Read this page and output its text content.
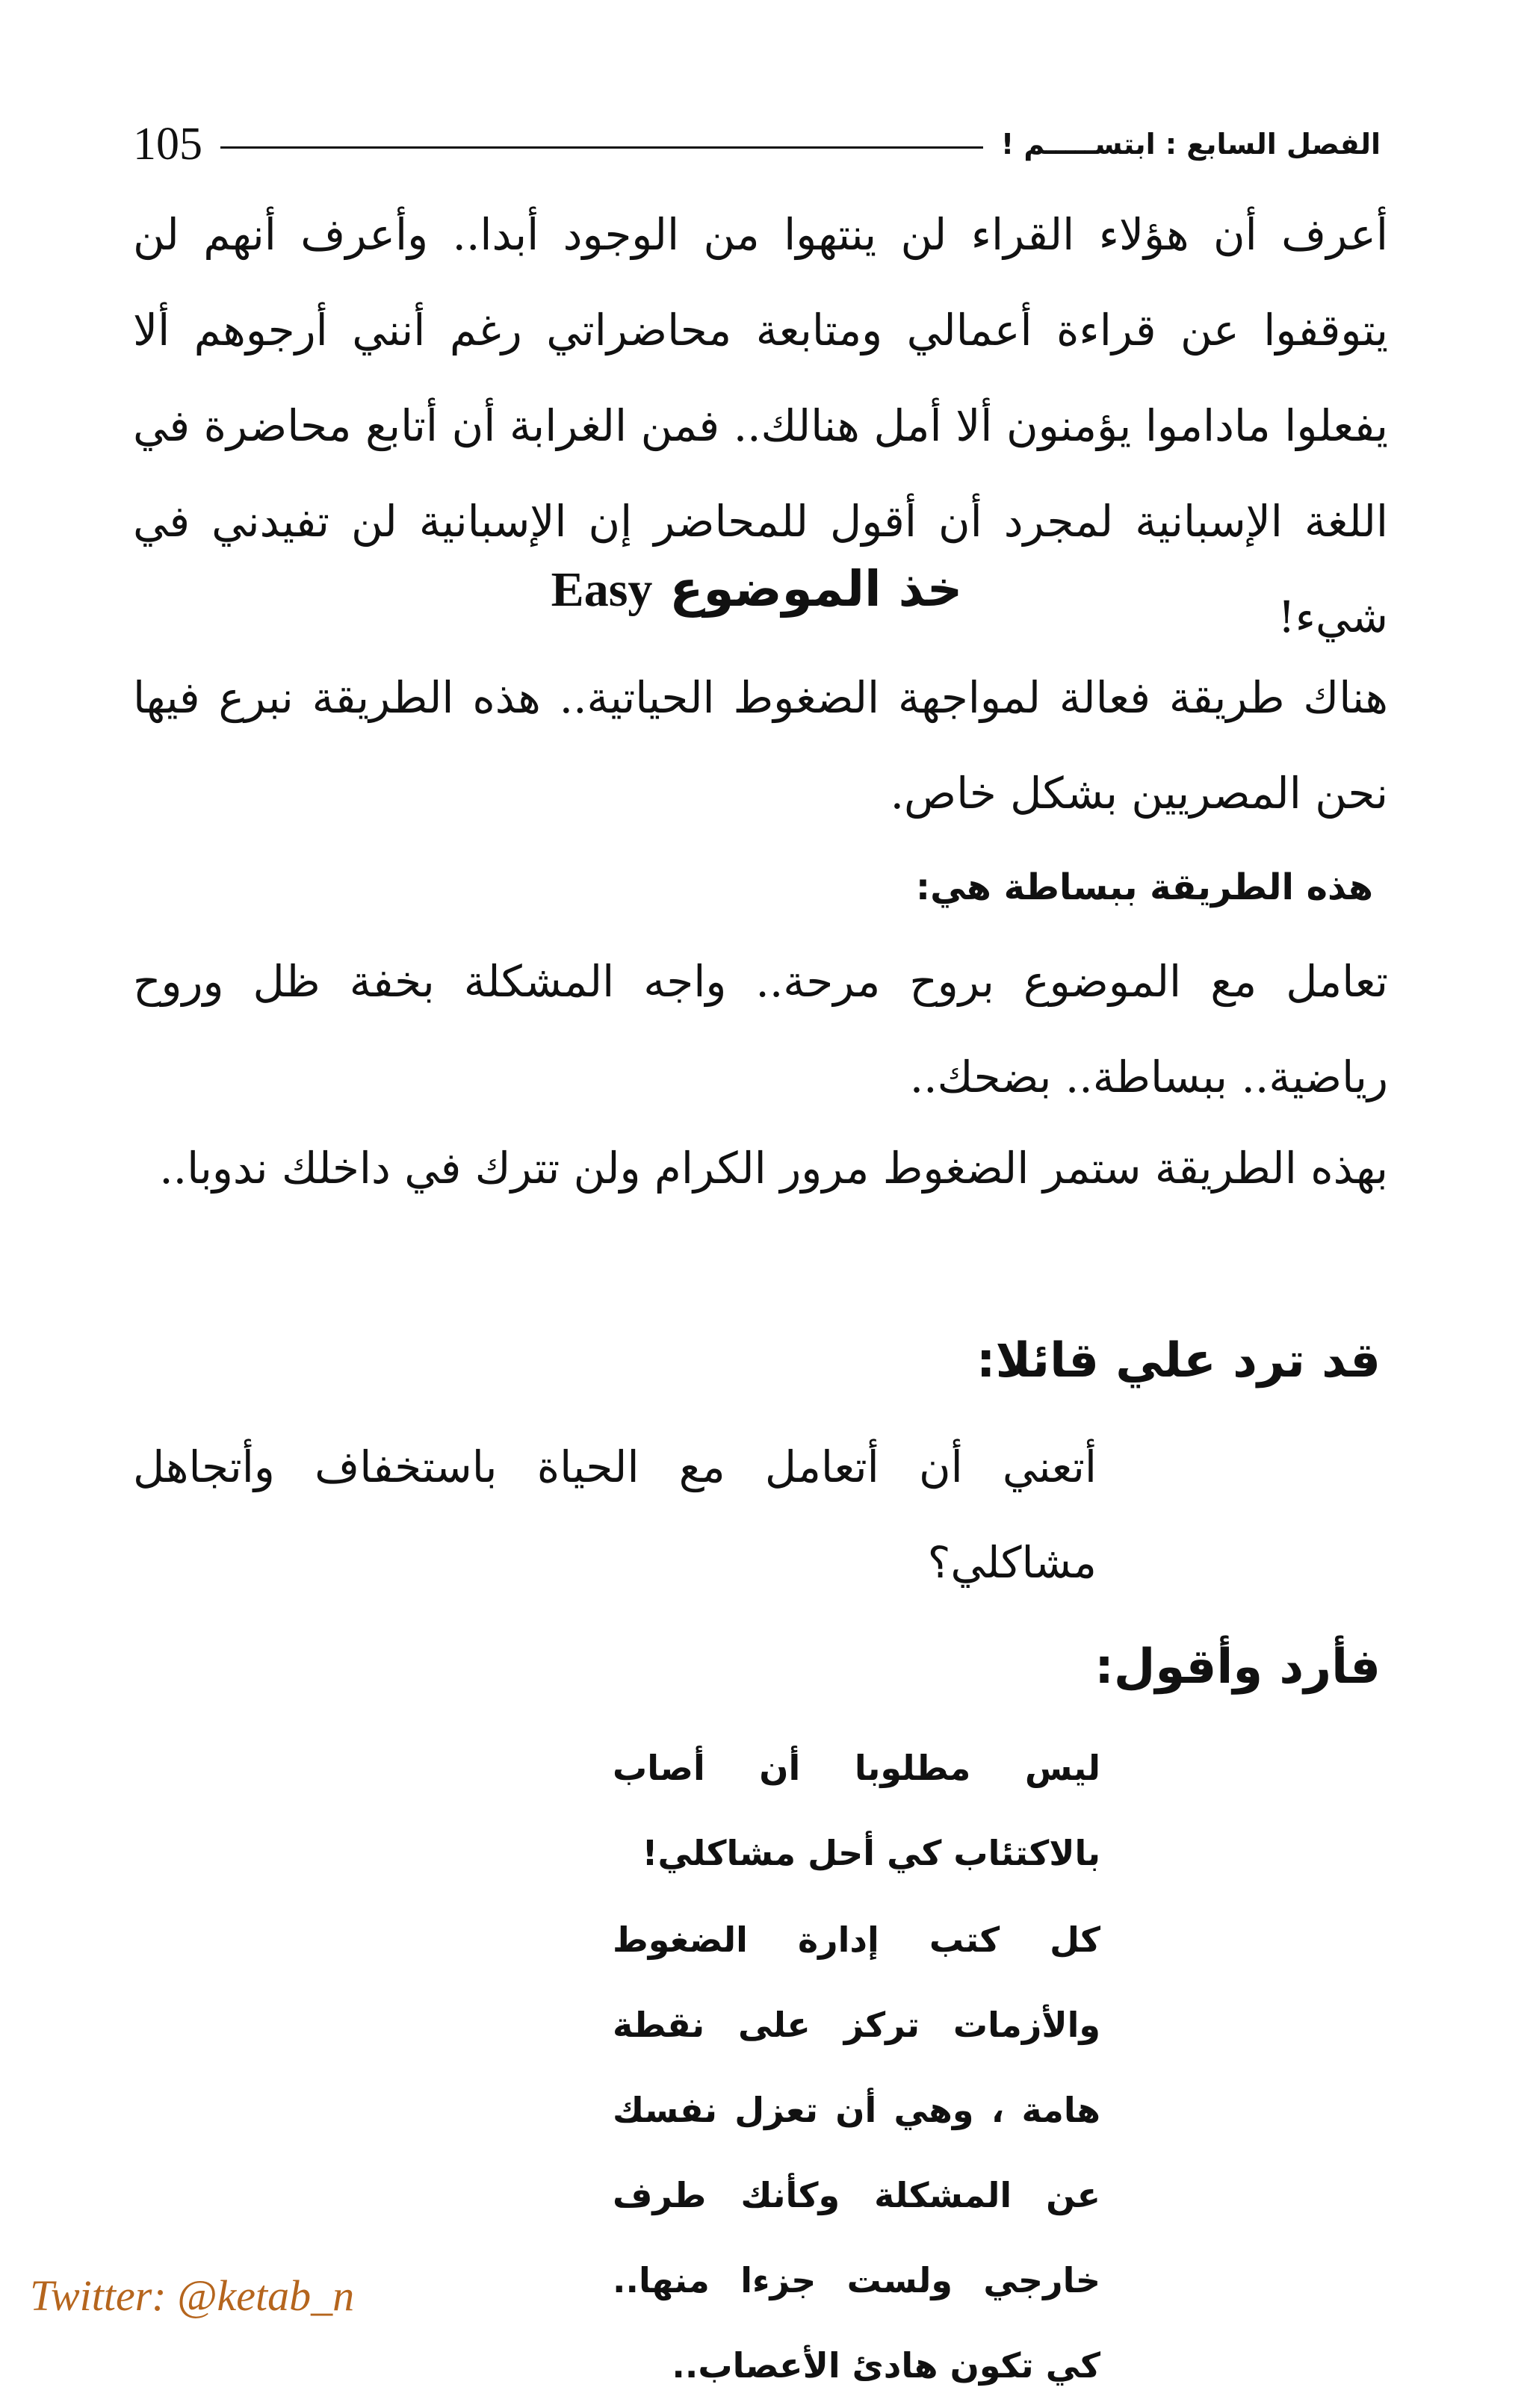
105	الفصل السابع : ابتســـــم !

أعرف أن هؤلاء القراء لن ينتهوا من الوجود أبدا.. وأعرف أنهم لن يتوقفوا عن قراءة أعمالي ومتابعة محاضراتي رغم أنني أرجوهم ألا يفعلوا ماداموا يؤمنون ألا أمل هنالك.. فمن الغرابة أن أتابع محاضرة في اللغة الإسبانية لمجرد أن أقول للمحاضر إن الإسبانية لن تفيدني في شيء!

Easy خذ الموضوع

هناك طريقة فعالة لمواجهة الضغوط الحياتية.. هذه الطريقة نبرع فيها نحن المصريين بشكل خاص.

هذه الطريقة ببساطة هي:

تعامل مع الموضوع بروح مرحة.. واجه المشكلة بخفة ظل وروح رياضية.. ببساطة.. بضحك..

بهذه الطريقة ستمر الضغوط مرور الكرام ولن تترك في داخلك ندوبا..

قد ترد علي قائلا:

أتعني أن أتعامل مع الحياة باستخفاف وأتجاهل مشاكلي؟

فأرد وأقول:

ليس مطلوبا أن أصاب بالاكتئاب كي أحل مشاكلي!

كل كتب إدارة الضغوط والأزمات تركز على نقطة هامة ، وهي أن تعزل نفسك عن المشكلة وكأنك طرف خارجي ولست جزءا منها.. كي تكون هادئ الأعصاب..

Twitter: @ketab_n
